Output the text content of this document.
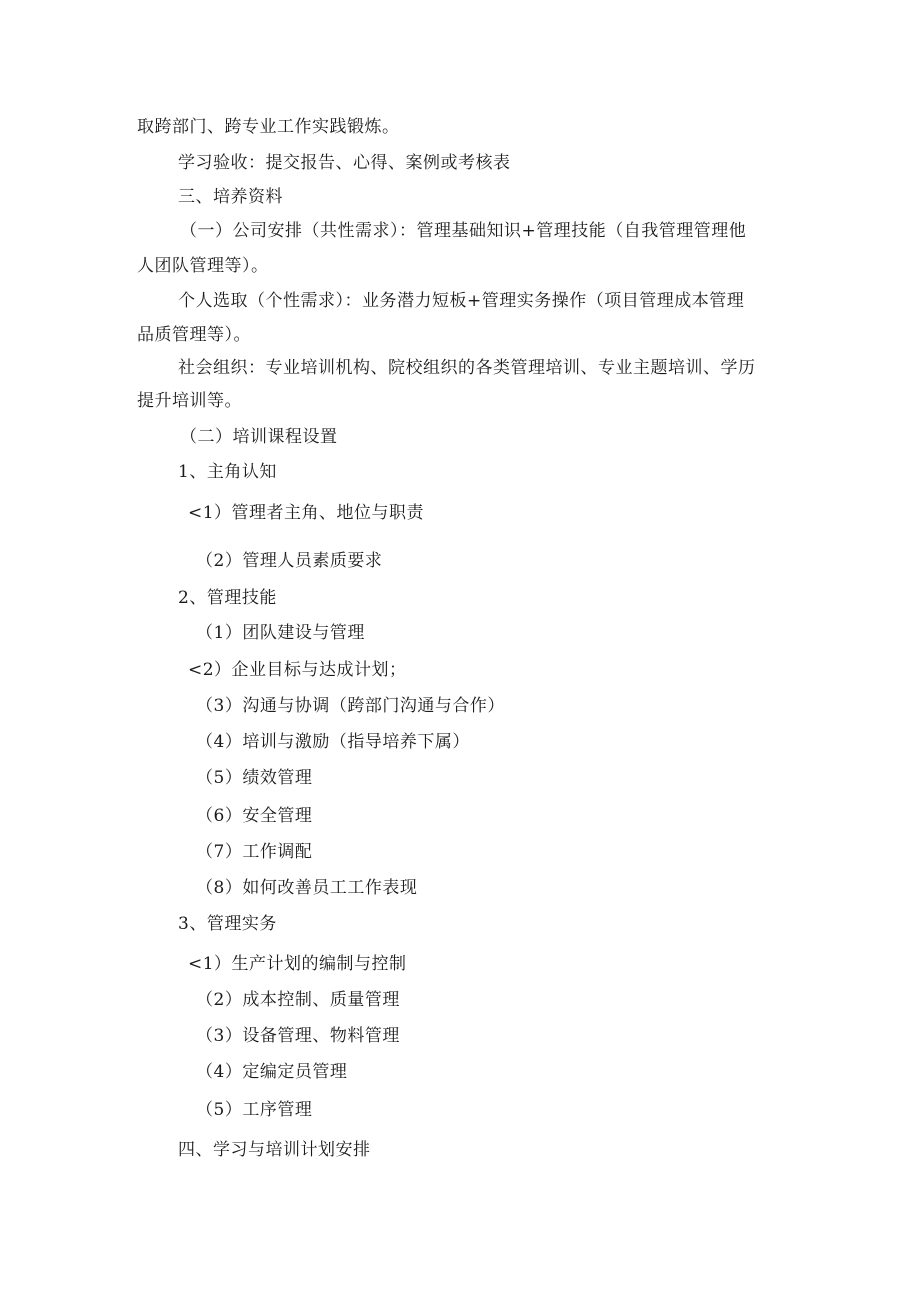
取跨部门、跨专业工作实践锻炼。
学习验收：提交报告、心得、案例或考核表
三、培养资料
（一）公司安排（共性需求）：管理基础知识+管理技能（自我管理管理他
人团队管理等）。
个人选取（个性需求）：业务潜力短板+管理实务操作（项目管理成本管理
品质管理等）。
社会组织：专业培训机构、院校组织的各类管理培训、专业主题培训、学历
提升培训等。
（二）培训课程设置
1、主角认知
<1）管理者主角、地位与职责
（2）管理人员素质要求
2、管理技能
（1）团队建设与管理
<2）企业目标与达成计划；
（3）沟通与协调（跨部门沟通与合作）
（4）培训与激励（指导培养下属）
（5）绩效管理
（6）安全管理
（7）工作调配
（8）如何改善员工工作表现
3、管理实务
<1）生产计划的编制与控制
（2）成本控制、质量管理
（3）设备管理、物料管理
（4）定编定员管理
（5）工序管理
四、学习与培训计划安排
